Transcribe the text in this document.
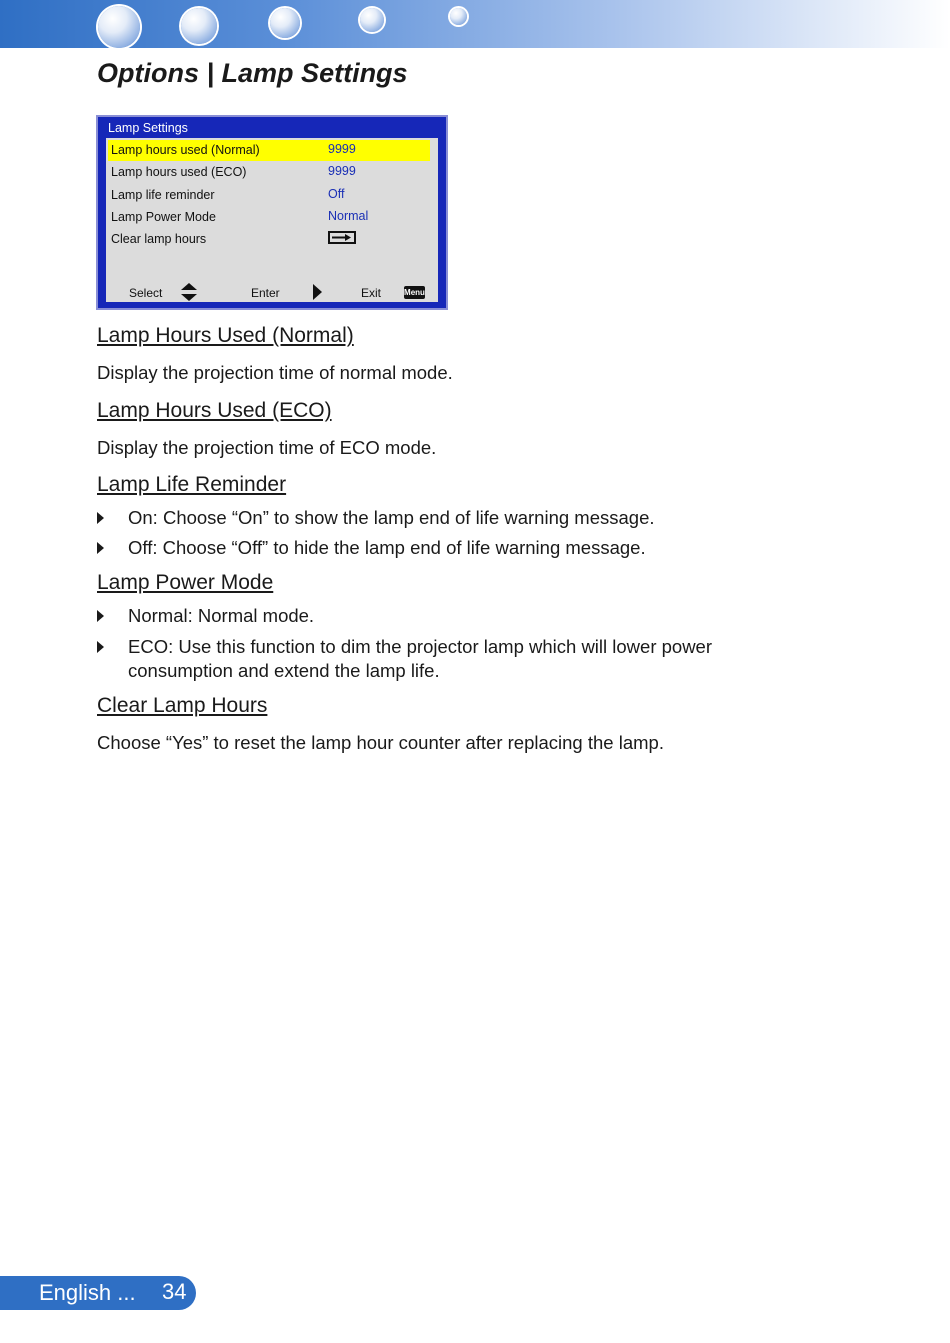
Options | Lamp Settings
Lamp Settings
Lamp hours used (Normal)	9999
Lamp hours used (ECO)	9999
Lamp life reminder	Off
Lamp Power Mode	Normal
Clear lamp hours
Select	Enter	Exit	Menu
Lamp Hours Used (Normal)

Display the projection time of normal mode.

Lamp Hours Used (ECO)

Display the projection time of ECO mode.

Lamp Life Reminder
On: Choose “On” to show the lamp end of life warning message.
Off: Choose “Off” to hide the lamp end of life warning message.
Lamp Power Mode
Normal: Normal mode.
ECO: Use this function to dim the projector lamp which will lower power consumption and extend the lamp life.
Clear Lamp Hours

Choose “Yes” to reset the lamp hour counter after replacing the lamp.

English ... 34
